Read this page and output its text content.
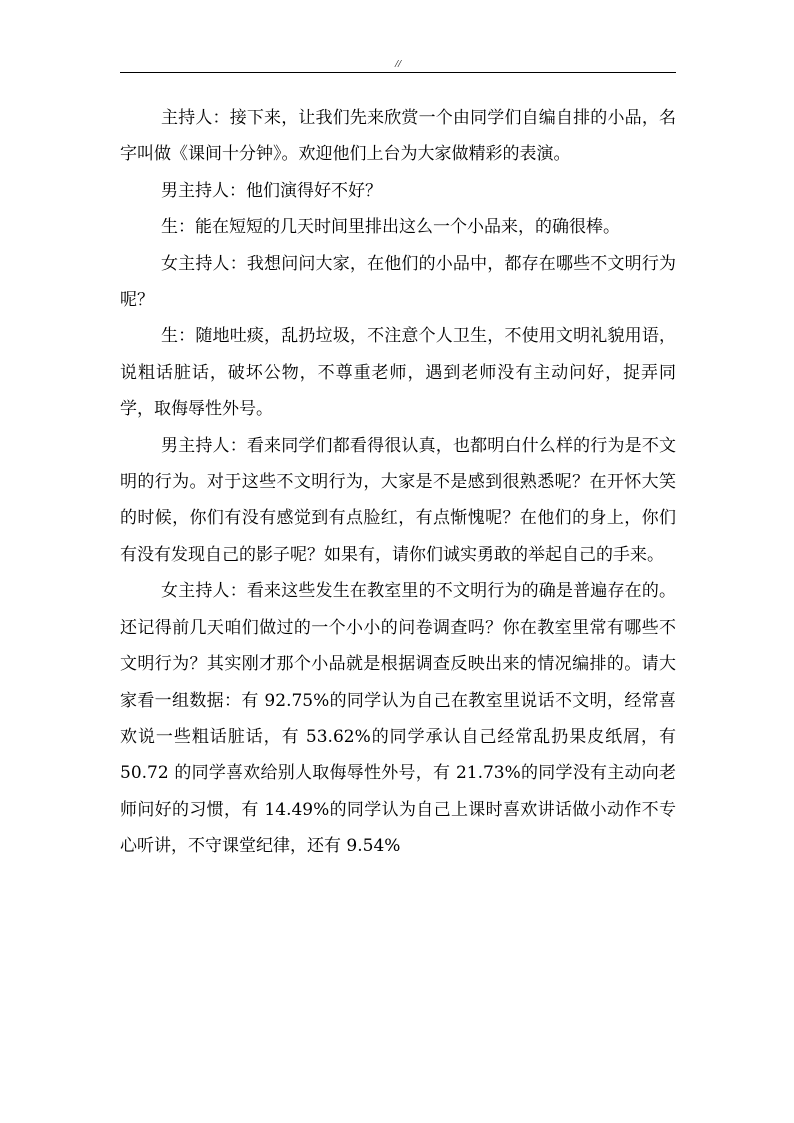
//

主持人：接下来，让我们先来欣赏一个由同学们自编自排的小品，名字叫做《课间十分钟》。欢迎他们上台为大家做精彩的表演。

男主持人：他们演得好不好？

生：能在短短的几天时间里排出这么一个小品来，的确很棒。

女主持人：我想问问大家，在他们的小品中，都存在哪些不文明行为呢？

生：随地吐痰，乱扔垃圾，不注意个人卫生，不使用文明礼貌用语，说粗话脏话，破坏公物，不尊重老师，遇到老师没有主动问好，捉弄同学，取侮辱性外号。

男主持人：看来同学们都看得很认真，也都明白什么样的行为是不文明的行为。对于这些不文明行为，大家是不是感到很熟悉呢？在开怀大笑的时候，你们有没有感觉到有点脸红，有点惭愧呢？在他们的身上，你们有没有发现自己的影子呢？如果有，请你们诚实勇敢的举起自己的手来。

女主持人：看来这些发生在教室里的不文明行为的确是普遍存在的。还记得前几天咱们做过的一个小小的问卷调查吗？你在教室里常有哪些不文明行为？其实刚才那个小品就是根据调查反映出来的情况编排的。请大家看一组数据：有 92.75%的同学认为自己在教室里说话不文明，经常喜欢说一些粗话脏话，有 53.62%的同学承认自己经常乱扔果皮纸屑，有 50.72 的同学喜欢给别人取侮辱性外号，有 21.73%的同学没有主动向老师问好的习惯，有 14.49%的同学认为自己上课时喜欢讲话做小动作不专心听讲，不守课堂纪律，还有 9.54%
